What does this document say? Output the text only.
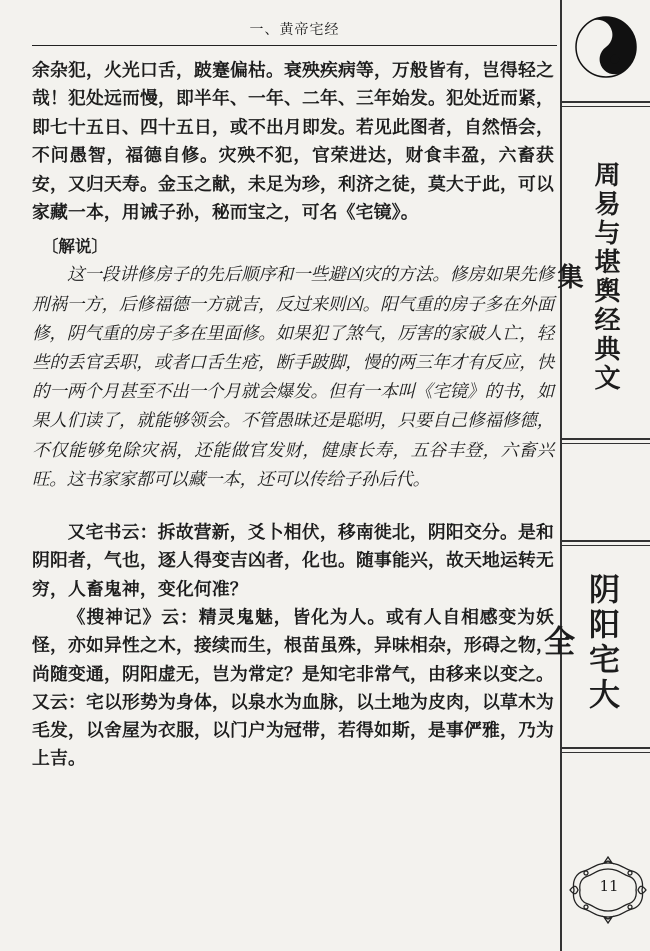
一、黄帝宅经

余杂犯，火光口舌，跛蹇偏枯。衰殃疾病等，万般皆有，岂得轻之哉！犯处远而慢，即半年、一年、二年、三年始发。犯处近而紧，即七十五日、四十五日，或不出月即发。若见此图者，自然悟会，不问愚智，福德自修。灾殃不犯，官荣进达，财食丰盈，六畜获安，又归天寿。金玉之献，未足为珍，利济之徒，莫大于此，可以家藏一本，用诫子孙，秘而宝之，可名《宅镜》。

〔解说〕

这一段讲修房子的先后顺序和一些避凶灾的方法。修房如果先修刑祸一方，后修福德一方就吉，反过来则凶。阳气重的房子多在外面修，阴气重的房子多在里面修。如果犯了煞气，厉害的家破人亡，轻些的丢官丢职，或者口舌生疮，断手跛脚，慢的两三年才有反应，快的一两个月甚至不出一个月就会爆发。但有一本叫《宅镜》的书，如果人们读了，就能够领会。不管愚昧还是聪明，只要自己修福修德，不仅能够免除灾祸，还能做官发财，健康长寿，五谷丰登，六畜兴旺。这书家家都可以藏一本，还可以传给子孙后代。

又宅书云：拆故营新，爻卜相伏，移南徙北，阴阳交分。是和阴阳者，气也，逐人得变吉凶者，化也。随事能兴，故天地运转无穷，人畜鬼神，变化何准？

《搜神记》云：精灵鬼魅，皆化为人。或有人自相感变为妖怪，亦如异性之木，接续而生，根苗虽殊，异味相杂，形碍之物，尚随变通，阴阳虚无，岂为常定？是知宅非常气，由移来以变之。又云：宅以形势为身体，以泉水为血脉，以土地为皮肉，以草木为毛发，以舍屋为衣服，以门户为冠带，若得如斯，是事俨雅，乃为上吉。

周易与堪舆经典文集
阴阳宅大全
11
